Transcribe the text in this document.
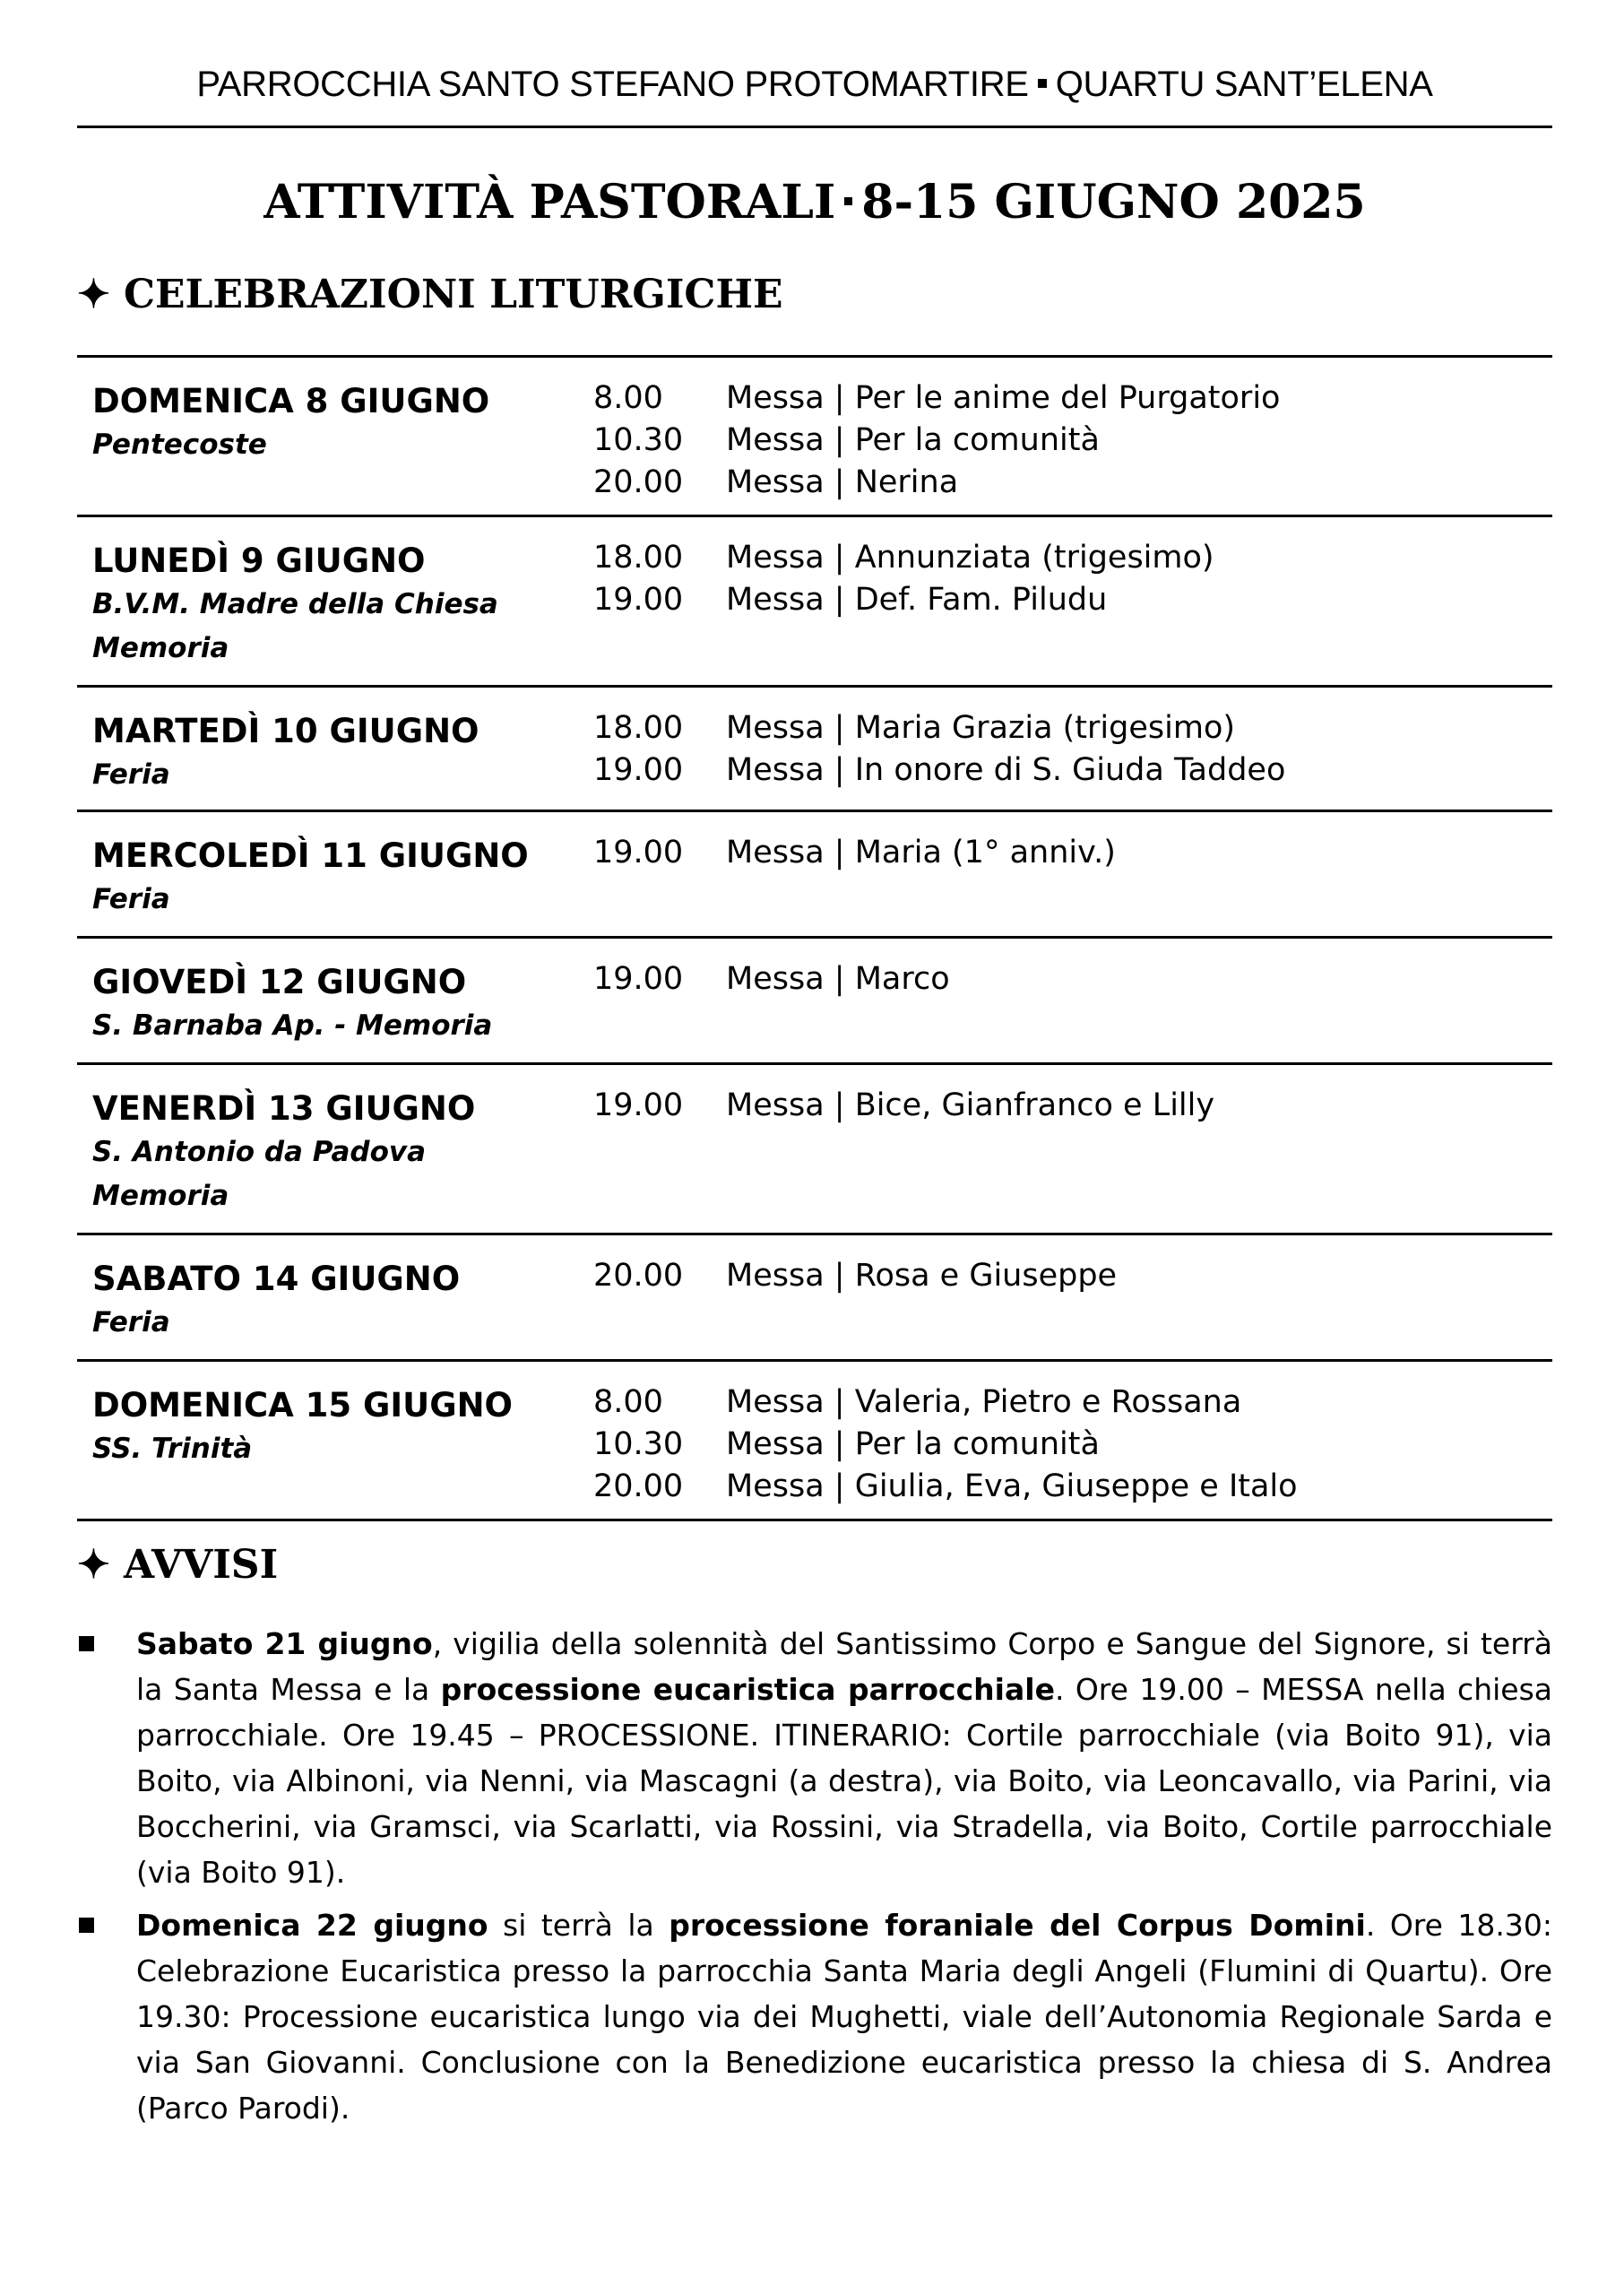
PARROCCHIA SANTO STEFANO PROTOMARTIRE QUARTU SANT’ELENA
ATTIVITÀ PASTORALI 8-15 GIUGNO 2025
✦ CELEBRAZIONI LITURGICHE
DOMENICA 8 GIUGNO
Pentecoste
8.00 Messa | Per le anime del Purgatorio
10.30 Messa | Per la comunità
20.00 Messa | Nerina
LUNEDÌ 9 GIUGNO
B.V.M. Madre della Chiesa
Memoria
18.00 Messa | Annunziata (trigesimo)
19.00 Messa | Def. Fam. Piludu
MARTEDÌ 10 GIUGNO
Feria
18.00 Messa | Maria Grazia (trigesimo)
19.00 Messa | In onore di S. Giuda Taddeo
MERCOLEDÌ 11 GIUGNO
Feria
19.00 Messa | Maria (1° anniv.)
GIOVEDÌ 12 GIUGNO
S. Barnaba Ap. - Memoria
19.00 Messa | Marco
VENERDÌ 13 GIUGNO
S. Antonio da Padova
Memoria
19.00 Messa | Bice, Gianfranco e Lilly
SABATO 14 GIUGNO
Feria
20.00 Messa | Rosa e Giuseppe
DOMENICA 15 GIUGNO
SS. Trinità
8.00 Messa | Valeria, Pietro e Rossana
10.30 Messa | Per la comunità
20.00 Messa | Giulia, Eva, Giuseppe e Italo
✦ AVVISI
Sabato 21 giugno, vigilia della solennità del Santissimo Corpo e Sangue del Signore, si terrà la Santa Messa e la processione eucaristica parrocchiale. Ore 19.00 – MESSA nella chiesa parrocchiale. Ore 19.45 – PROCESSIONE. ITINERARIO: Cortile parrocchiale (via Boito 91), via Boito, via Albinoni, via Nenni, via Mascagni (a destra), via Boito, via Leoncavallo, via Parini, via Boccherini, via Gramsci, via Scarlatti, via Rossini, via Stradella, via Boito, Cortile parrocchiale (via Boito 91).
Domenica 22 giugno si terrà la processione foraniale del Corpus Domini. Ore 18.30: Celebrazione Eucaristica presso la parrocchia Santa Maria degli Angeli (Flumini di Quartu). Ore 19.30: Processione eucaristica lungo via dei Mughetti, viale dell’Autonomia Regionale Sarda e via San Giovanni. Conclusione con la Benedizione eucaristica presso la chiesa di S. Andrea (Parco Parodi).
